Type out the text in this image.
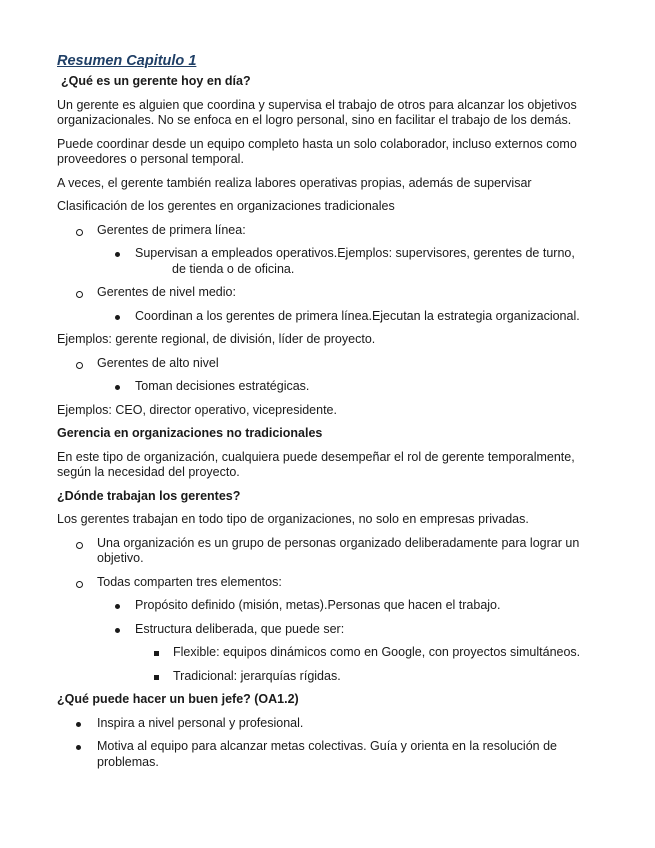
Resumen Capitulo 1
¿Qué es un gerente hoy en día?

Un gerente es alguien que coordina y supervisa el trabajo de otros para alcanzar los objetivos organizacionales. No se enfoca en el logro personal, sino en facilitar el trabajo de los demás.

Puede coordinar desde un equipo completo hasta un solo colaborador, incluso externos como proveedores o personal temporal.

A veces, el gerente también realiza labores operativas propias, además de supervisar

Clasificación de los gerentes en organizaciones tradicionales

Gerentes de primera línea:
Supervisan a empleados operativos.Ejemplos: supervisores, gerentes de turno,
de tienda o de oficina.
Gerentes de nivel medio:
Coordinan a los gerentes de primera línea.Ejecutan la estrategia organizacional.

Ejemplos: gerente regional, de división, líder de proyecto.

Gerentes de alto nivel
Toman decisiones estratégicas.

Ejemplos: CEO, director operativo, vicepresidente.

Gerencia en organizaciones no tradicionales

En este tipo de organización, cualquiera puede desempeñar el rol de gerente temporalmente, según la necesidad del proyecto.

¿Dónde trabajan los gerentes?

Los gerentes trabajan en todo tipo de organizaciones, no solo en empresas privadas.

Una organización es un grupo de personas organizado deliberadamente para lograr un objetivo.
Todas comparten tres elementos:
Propósito definido (misión, metas).Personas que hacen el trabajo.
Estructura deliberada, que puede ser:
Flexible: equipos dinámicos como en Google, con proyectos simultáneos.
Tradicional: jerarquías rígidas.
¿Qué puede hacer un buen jefe? (OA1.2)
Inspira a nivel personal y profesional.
Motiva al equipo para alcanzar metas colectivas. Guía y orienta en la resolución de problemas.
